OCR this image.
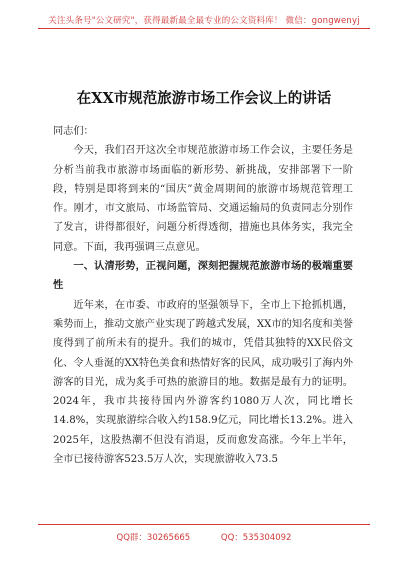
关注头条号"公文研究"，获得最新最全最专业的公文资料库！ 微信：gongwenyj
在XX市规范旅游市场工作会议上的讲话

同志们：

今天，我们召开这次全市规范旅游市场工作会议，主要任务是分析当前我市旅游市场面临的新形势、新挑战，安排部署下一阶段，特别是即将到来的“国庆”黄金周期间的旅游市场规范管理工作。刚才，市文旅局、市场监管局、交通运输局的负责同志分别作了发言，讲得都很好，问题分析得透彻，措施也具体务实，我完全同意。下面，我再强调三点意见。

一、认清形势，正视问题，深刻把握规范旅游市场的极端重要性

近年来，在市委、市政府的坚强领导下，全市上下抢抓机遇，乘势而上，推动文旅产业实现了跨越式发展，XX市的知名度和美誉度得到了前所未有的提升。我们的城市，凭借其独特的XX民俗文化、令人垂涎的XX特色美食和热情好客的民风，成功吸引了海内外游客的目光，成为炙手可热的旅游目的地。数据是最有力的证明。2024年，我市共接待国内外游客约1080万人次，同比增长14.8%，实现旅游综合收入约158.9亿元，同比增长13.2%。进入2025年，这股热潮不但没有消退，反而愈发高涨。今年上半年，全市已接待游客523.5万人次，实现旅游收入73.5

QQ群：30265665	QQ：535304092
